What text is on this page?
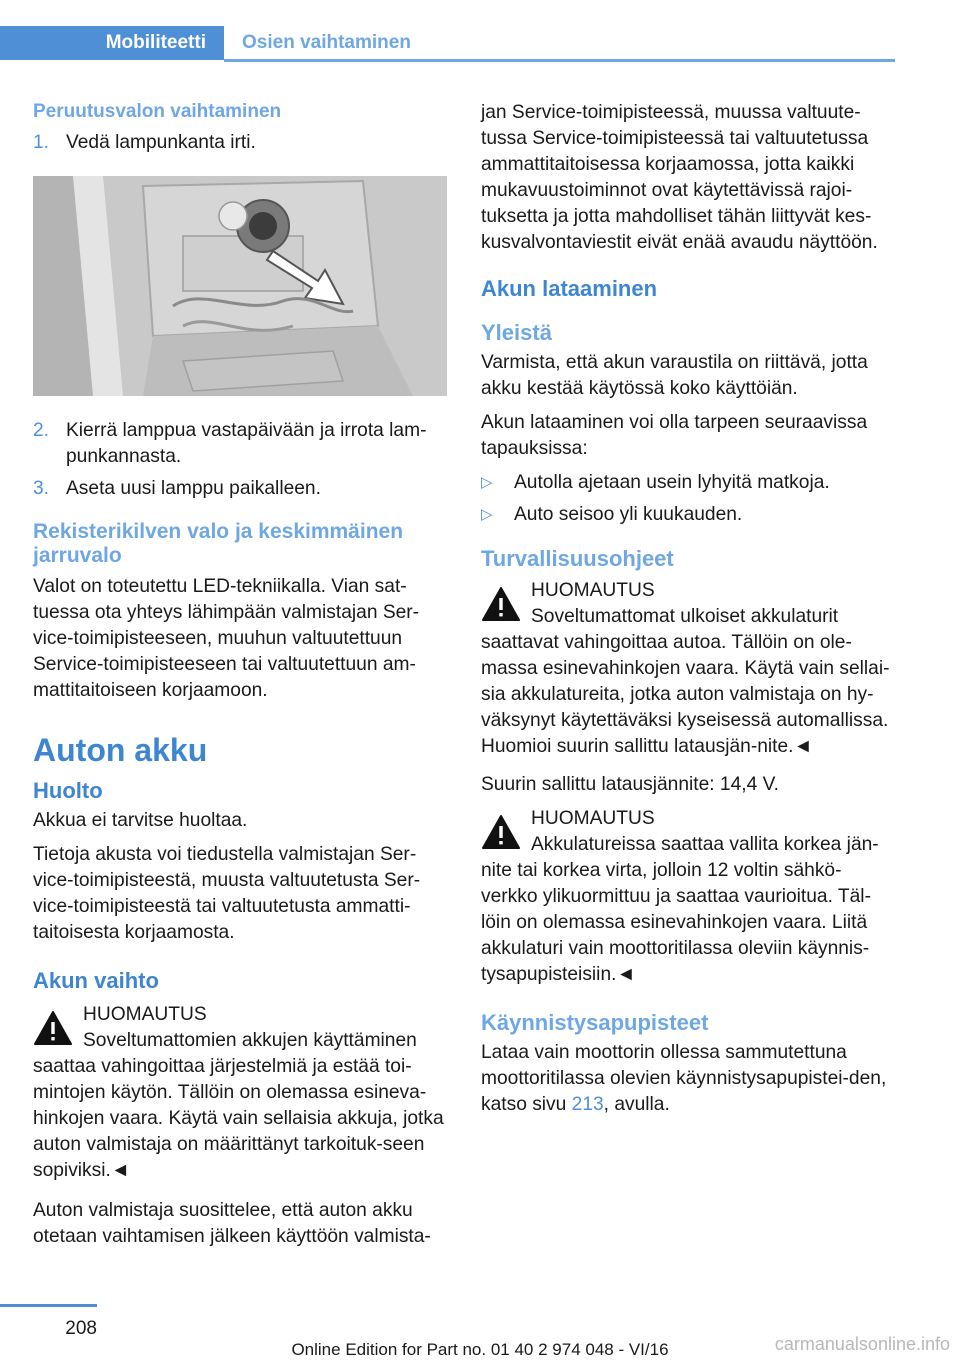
Mobiliteetti Osien vaihtaminen
Peruutusvalon vaihtaminen
1. Vedä lampunkanta irti.
2. Kierrä lamppua vastapäivään ja irrota lam‐punkannasta.
3. Aseta uusi lamppu paikalleen.
Rekisterikilven valo ja keskimmäinen jarruvalo

Valot on toteutettu LED-tekniikalla. Vian sat‐tuessa ota yhteys lähimpään valmistajan Ser‐vice-toimipisteeseen, muuhun valtuutettuun Service-toimipisteeseen tai valtuutettuun am‐mattitaitoiseen korjaamoon.

Auton akku
Huolto

Akkua ei tarvitse huoltaa.

Tietoja akusta voi tiedustella valmistajan Ser‐vice-toimipisteestä, muusta valtuutetusta Ser‐vice-toimipisteestä tai valtuutetusta ammatti‐taitoisesta korjaamosta.

Akun vaihto
HUOMAUTUS
Soveltumattomien akkujen käyttäminen
saattaa vahingoittaa järjestelmiä ja estää toi‐mintojen käytön. Tällöin on olemassa esineva‐hinkojen vaara. Käytä vain sellaisia akkuja, jotka auton valmistaja on määrittänyt tarkoituk‐seen sopiviksi.◄

Auton valmistaja suosittelee, että auton akku otetaan vaihtamisen jälkeen käyttöön valmista‐

jan Service-toimipisteessä, muussa valtuute‐tussa Service-toimipisteessä tai valtuutetussa ammattitaitoisessa korjaamossa, jotta kaikki mukavuustoiminnot ovat käytettävissä rajoi‐tuksetta ja jotta mahdolliset tähän liittyvät kes‐kusvalvontaviestit eivät enää avaudu näyttöön.

Akun lataaminen
Yleistä

Varmista, että akun varaustila on riittävä, jotta akku kestää käytössä koko käyttöiän.

Akun lataaminen voi olla tarpeen seuraavissa tapauksissa:

▷	Autolla ajetaan usein lyhyitä matkoja.
▷	Auto seisoo yli kuukauden.
Turvallisuusohjeet
HUOMAUTUS
Soveltumattomat ulkoiset akkulaturit
saattavat vahingoittaa autoa. Tällöin on ole‐massa esinevahinkojen vaara. Käytä vain sellai‐sia akkulatureita, jotka auton valmistaja on hy‐väksynyt käytettäväksi kyseisessä automallissa. Huomioi suurin sallittu latausjän‐nite.◄

Suurin sallittu latausjännite: 14,4 V.

HUOMAUTUS
Akkulatureissa saattaa vallita korkea jän‐
nite tai korkea virta, jolloin 12 voltin sähkö‐verkko ylikuormittuu ja saattaa vaurioitua. Täl‐löin on olemassa esinevahinkojen vaara. Liitä akkulaturi vain moottoritilassa oleviin käynnis‐tysapupisteisiin.◄
Käynnistysapupisteet

Lataa vain moottorin ollessa sammutettuna moottoritilassa olevien käynnistysapupistei‐den, katso sivu 213, avulla.

208
Online Edition for Part no. 01 40 2 974 048 - VI/16	carmanualsonline.info
